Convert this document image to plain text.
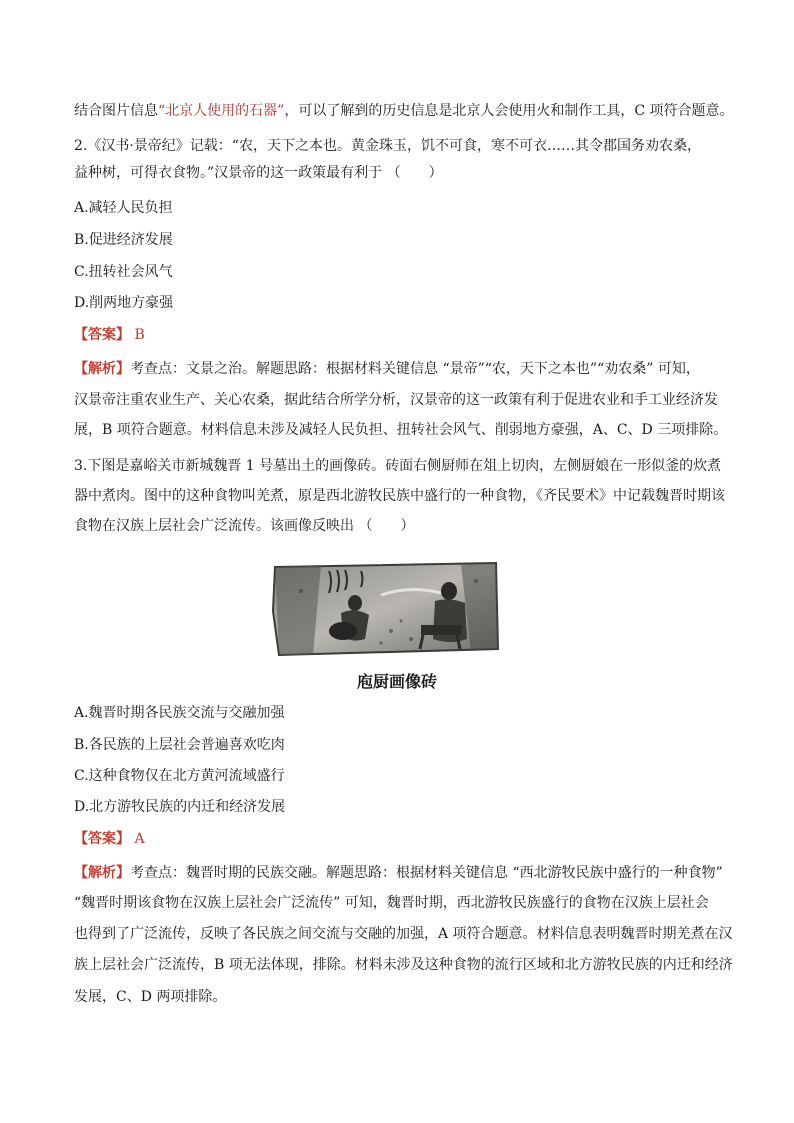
结合图片信息“北京人使用的石器”，可以了解到的历史信息是北京人会使用火和制作工具，C 项符合题意。
2.《汉书·景帝纪》记载：“农，天下之本也。黄金珠玉，饥不可食，寒不可衣……其令郡国务劝农桑，
益种树，可得衣食物。”汉景帝的这一政策最有利于 （　　）
A.减轻人民负担
B.促进经济发展
C.扭转社会风气
D.削两地方豪强
【答案】 B
【解析】考查点：文景之治。解题思路：根据材料关键信息 “景帝”“农，天下之本也”“劝农桑” 可知，
汉景帝注重农业生产、关心农桑，据此结合所学分析，汉景帝的这一政策有利于促进农业和手工业经济发
展，B 项符合题意。材料信息未涉及减轻人民负担、扭转社会风气、削弱地方豪强，A、C、D 三项排除。
3.下图是嘉峪关市新城魏晋 1 号墓出土的画像砖。砖面右侧厨师在俎上切肉，左侧厨娘在一形似釜的炊煮
器中煮肉。图中的这种食物叫羌煮，原是西北游牧民族中盛行的一种食物，《齐民要术》中记载魏晋时期该
食物在汉族上层社会广泛流传。该画像反映出 （　　）
庖厨画像砖
A.魏晋时期各民族交流与交融加强
B.各民族的上层社会普遍喜欢吃肉
C.这种食物仅在北方黄河流域盛行
D.北方游牧民族的内迁和经济发展
【答案】 A
【解析】考查点：魏晋时期的民族交融。解题思路：根据材料关键信息 “西北游牧民族中盛行的一种食物”
“魏晋时期该食物在汉族上层社会广泛流传” 可知，魏晋时期，西北游牧民族盛行的食物在汉族上层社会
也得到了广泛流传，反映了各民族之间交流与交融的加强，A 项符合题意。材料信息表明魏晋时期羌煮在汉
族上层社会广泛流传，B 项无法体现，排除。材料未涉及这种食物的流行区域和北方游牧民族的内迁和经济
发展，C、D 两项排除。
